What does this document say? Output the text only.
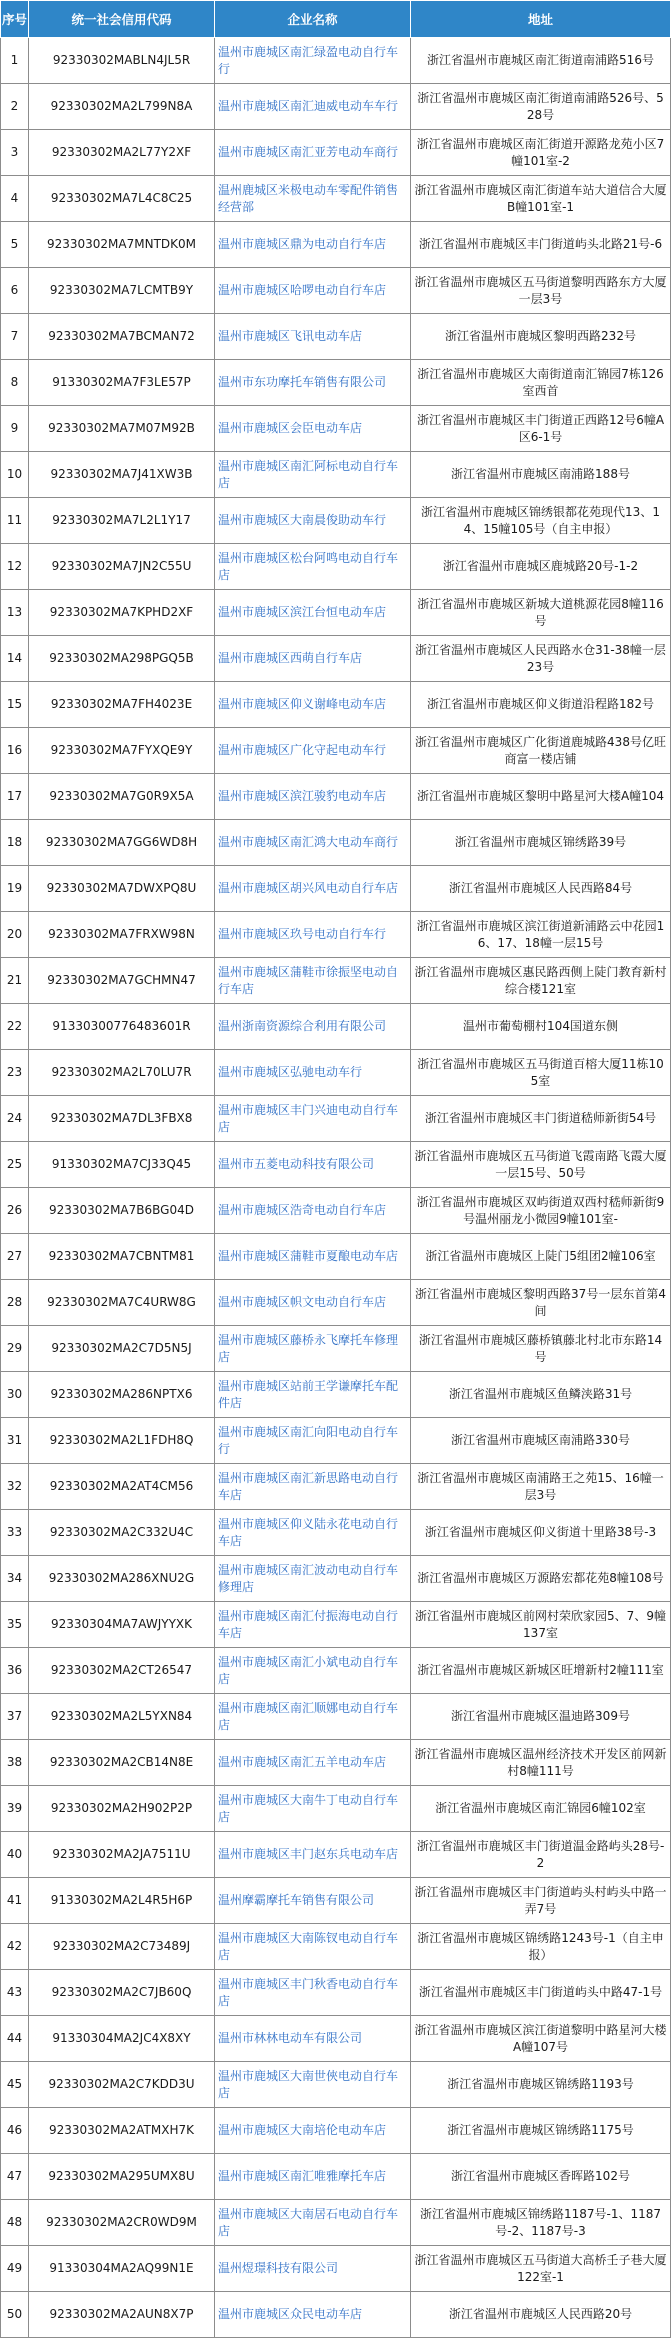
序号	统一社会信用代码	企业名称	地址
1	92330302MABLN4JL5R	温州市鹿城区南汇绿盈电动自行车行	浙江省温州市鹿城区南汇街道南浦路516号
2	92330302MA2L799N8A	温州市鹿城区南汇迪威电动车车行	浙江省温州市鹿城区南汇街道南浦路526号、528号
3	92330302MA2L77Y2XF	温州市鹿城区南汇亚芳电动车商行	浙江省温州市鹿城区南汇街道开源路龙苑小区7幢101室-2
4	92330302MA7L4C8C25	温州鹿城区米极电动车零配件销售经营部	浙江省温州市鹿城区南汇街道车站大道信合大厦B幢101室-1
5	92330302MA7MNTDK0M	温州市鹿城区鼎为电动自行车店	浙江省温州市鹿城区丰门街道屿头北路21号-6
6	92330302MA7LCMTB9Y	温州市鹿城区哈啰电动自行车店	浙江省温州市鹿城区五马街道黎明西路东方大厦一层3号
7	92330302MA7BCMAN72	温州市鹿城区飞讯电动车店	浙江省温州市鹿城区黎明西路232号
8	91330302MA7F3LE57P	温州市东功摩托车销售有限公司	浙江省温州市鹿城区大南街道南汇锦园7栋126室西首
9	92330302MA7M07M92B	温州市鹿城区会臣电动车店	浙江省温州市鹿城区丰门街道正西路12号6幢A区6-1号
10	92330302MA7J41XW3B	温州市鹿城区南汇阿标电动自行车店	浙江省温州市鹿城区南浦路188号
11	92330302MA7L2L1Y17	温州市鹿城区大南晨俊助动车行	浙江省温州市鹿城区锦绣银都花苑现代13、14、15幢105号（自主申报）
12	92330302MA7JN2C55U	温州市鹿城区松台阿鸣电动自行车店	浙江省温州市鹿城区鹿城路20号-1-2
13	92330302MA7KPHD2XF	温州市鹿城区滨江台恒电动车店	浙江省温州市鹿城区新城大道桃源花园8幢116号
14	92330302MA298PGQ5B	温州市鹿城区西萌自行车店	浙江省温州市鹿城区人民西路水仓31-38幢一层23号
15	92330302MA7FH4023E	温州市鹿城区仰义谢峰电动车店	浙江省温州市鹿城区仰义街道沿程路182号
16	92330302MA7FYXQE9Y	温州市鹿城区广化守起电动车行	浙江省温州市鹿城区广化街道鹿城路438号亿旺商富一楼店铺
17	92330302MA7G0R9X5A	温州市鹿城区滨江骏豹电动车店	浙江省温州市鹿城区黎明中路星河大楼A幢104
18	92330302MA7GG6WD8H	温州市鹿城区南汇鸿大电动车商行	浙江省温州市鹿城区锦绣路39号
19	92330302MA7DWXPQ8U	温州市鹿城区胡兴风电动自行车店	浙江省温州市鹿城区人民西路84号
20	92330302MA7FRXW98N	温州市鹿城区玖号电动自行车行	浙江省温州市鹿城区滨江街道新浦路云中花园16、17、18幢一层15号
21	92330302MA7GCHMN47	温州市鹿城区蒲鞋市徐振坚电动自行车店	浙江省温州市鹿城区惠民路西侧上陡门教育新村综合楼121室
22	91330300776483601R	温州浙南资源综合利用有限公司	温州市葡萄棚村104国道东侧
23	92330302MA2L70LU7R	温州市鹿城区弘驰电动车行	浙江省温州市鹿城区五马街道百榕大厦11栋105室
24	92330302MA7DL3FBX8	温州市鹿城区丰门兴迪电动自行车店	浙江省温州市鹿城区丰门街道嵇师新街54号
25	91330302MA7CJ33Q45	温州市五菱电动科技有限公司	浙江省温州市鹿城区五马街道飞霞南路飞霞大厦一层15号、50号
26	92330302MA7B6BG04D	温州市鹿城区浩奇电动自行车店	浙江省温州市鹿城区双屿街道双西村嵇师新街9号温州丽龙小微园9幢101室-
27	92330302MA7CBNTM81	温州市鹿城区蒲鞋市夏酿电动车店	浙江省温州市鹿城区上陡门5组团2幢106室
28	92330302MA7C4URW8G	温州市鹿城区帜文电动自行车店	浙江省温州市鹿城区黎明西路37号一层东首第4间
29	92330302MA2C7D5N5J	温州市鹿城区藤桥永飞摩托车修理店	浙江省温州市鹿城区藤桥镇藤北村北市东路14号
30	92330302MA286NPTX6	温州市鹿城区站前王学谦摩托车配件店	浙江省温州市鹿城区鱼鳞浃路31号
31	92330302MA2L1FDH8Q	温州市鹿城区南汇向阳电动自行车行	浙江省温州市鹿城区南浦路330号
32	92330302MA2AT4CM56	温州市鹿城区南汇新思路电动自行车店	浙江省温州市鹿城区南浦路王之苑15、16幢一层3号
33	92330302MA2C332U4C	温州市鹿城区仰义陆永花电动自行车店	浙江省温州市鹿城区仰义街道十里路38号-3
34	92330302MA286XNU2G	温州市鹿城区南汇波动电动自行车修理店	浙江省温州市鹿城区万源路宏都花苑8幢108号
35	92330304MA7AWJYYXK	温州市鹿城区南汇付振海电动自行车店	浙江省温州市鹿城区前网村荣欣家园5、7、9幢137室
36	92330302MA2CT26547	温州市鹿城区南汇小斌电动自行车店	浙江省温州市鹿城区新城区旺增新村2幢111室
37	92330302MA2L5YXN84	温州市鹿城区南汇顺娜电动自行车店	浙江省温州市鹿城区温迪路309号
38	92330302MA2CB14N8E	温州市鹿城区南汇五羊电动车店	浙江省温州市鹿城区温州经济技术开发区前网新村8幢111号
39	92330302MA2H902P2P	温州市鹿城区大南牛丁电动自行车店	浙江省温州市鹿城区南汇锦园6幢102室
40	92330302MA2JA7511U	温州市鹿城区丰门赵东兵电动车店	浙江省温州市鹿城区丰门街道温金路屿头28号-2
41	91330302MA2L4R5H6P	温州摩霸摩托车销售有限公司	浙江省温州市鹿城区丰门街道屿头村屿头中路一弄7号
42	92330302MA2C73489J	温州市鹿城区大南陈钗电动自行车店	浙江省温州市鹿城区锦绣路1243号-1（自主申报）
43	92330302MA2C7JB60Q	温州市鹿城区丰门秋香电动自行车店	浙江省温州市鹿城区丰门街道屿头中路47-1号
44	91330304MA2JC4X8XY	温州市林林电动车有限公司	浙江省温州市鹿城区滨江街道黎明中路星河大楼A幢107号
45	92330302MA2C7KDD3U	温州市鹿城区大南世俠电动自行车店	浙江省温州市鹿城区锦绣路1193号
46	92330302MA2ATMXH7K	温州市鹿城区大南培伦电动车店	浙江省温州市鹿城区锦绣路1175号
47	92330302MA295UMX8U	温州市鹿城区南汇唯雅摩托车店	浙江省温州市鹿城区香晖路102号
48	92330302MA2CR0WD9M	温州市鹿城区大南居石电动自行车店	浙江省温州市鹿城区锦绣路1187号-1、1187号-2、1187号-3
49	91330304MA2AQ99N1E	温州煜璟科技有限公司	浙江省温州市鹿城区五马街道大高桥壬子巷大厦122室-1
50	92330302MA2AUN8X7P	温州市鹿城区众民电动车店	浙江省温州市鹿城区人民西路20号
